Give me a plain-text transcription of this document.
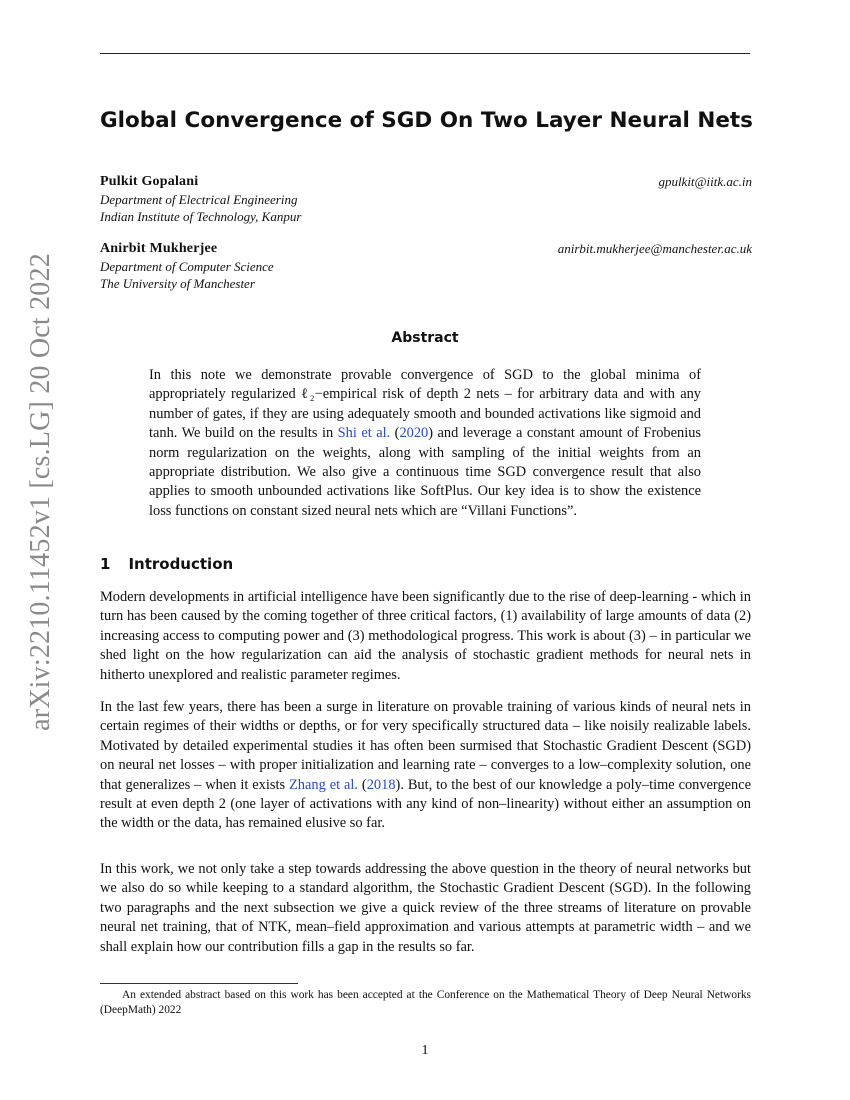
arXiv:2210.11452v1 [cs.LG] 20 Oct 2022
Global Convergence of SGD On Two Layer Neural Nets
Pulkit Gopalani	gpulkit@iitk.ac.in
Department of Electrical Engineering
Indian Institute of Technology, Kanpur
Anirbit Mukherjee	anirbit.mukherjee@manchester.ac.uk
Department of Computer Science
The University of Manchester
Abstract
In this note we demonstrate provable convergence of SGD to the global minima of appropriately regularized ℓ₂−empirical risk of depth 2 nets – for arbitrary data and with any number of gates, if they are using adequately smooth and bounded activations like sigmoid and tanh. We build on the results in Shi et al. (2020) and leverage a constant amount of Frobenius norm regularization on the weights, along with sampling of the initial weights from an appropriate distribution. We also give a continuous time SGD convergence result that also applies to smooth unbounded activations like SoftPlus. Our key idea is to show the existence loss functions on constant sized neural nets which are “Villani Functions”.
1 Introduction
Modern developments in artificial intelligence have been significantly due to the rise of deep-learning - which in turn has been caused by the coming together of three critical factors, (1) availability of large amounts of data (2) increasing access to computing power and (3) methodological progress. This work is about (3) – in particular we shed light on the how regularization can aid the analysis of stochastic gradient methods for neural nets in hitherto unexplored and realistic parameter regimes.
In the last few years, there has been a surge in literature on provable training of various kinds of neural nets in certain regimes of their widths or depths, or for very specifically structured data – like noisily realizable labels. Motivated by detailed experimental studies it has often been surmised that Stochastic Gradient Descent (SGD) on neural net losses – with proper initialization and learning rate – converges to a low–complexity solution, one that generalizes – when it exists Zhang et al. (2018). But, to the best of our knowledge a poly–time convergence result at even depth 2 (one layer of activations with any kind of non–linearity) without either an assumption on the width or the data, has remained elusive so far.
In this work, we not only take a step towards addressing the above question in the theory of neural networks but we also do so while keeping to a standard algorithm, the Stochastic Gradient Descent (SGD). In the following two paragraphs and the next subsection we give a quick review of the three streams of literature on provable neural net training, that of NTK, mean–field approximation and various attempts at parametric width – and we shall explain how our contribution fills a gap in the results so far.
An extended abstract based on this work has been accepted at the Conference on the Mathematical Theory of Deep Neural Networks (DeepMath) 2022
1
